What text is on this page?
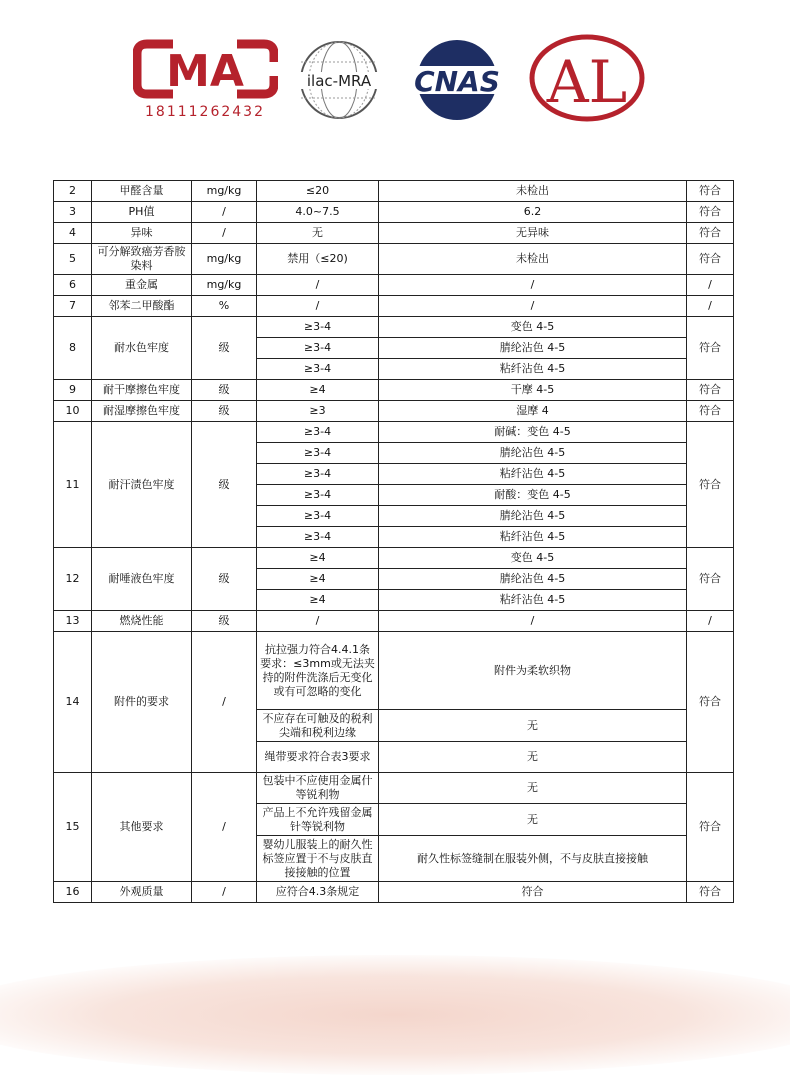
MA
18111262432
ilac-MRA CNAS AL
2	甲醛含量	mg/kg	≤20	未检出	符合
3	PH值	/	4.0~7.5	6.2	符合
4	异味	/	无	无异味	符合
5	可分解致癌芳香胺染料	mg/kg	禁用（≤20)	未检出	符合
6	重金属	mg/kg	/	/	/
7	邻苯二甲酸酯	%	/	/	/
8	耐水色牢度	级	≥3-4	变色 4-5	符合
			≥3-4	腈纶沾色 4-5	
			≥3-4	粘纤沾色 4-5	
9	耐干摩擦色牢度	级	≥4	干摩 4-5	符合
10	耐湿摩擦色牢度	级	≥3	湿摩 4	符合
11	耐汗渍色牢度	级	≥3-4	耐碱：变色 4-5	符合
			≥3-4	腈纶沾色 4-5	
			≥3-4	粘纤沾色 4-5	
			≥3-4	耐酸：变色 4-5	
			≥3-4	腈纶沾色 4-5	
			≥3-4	粘纤沾色 4-5	
12	耐唾液色牢度	级	≥4	变色 4-5	符合
			≥4	腈纶沾色 4-5	
			≥4	粘纤沾色 4-5	
13	燃烧性能	级	/	/	/
14	附件的要求	/	抗拉强力符合4.4.1条要求：≤3mm或无法夹持的附件洗涤后无变化或有可忽略的变化	附件为柔软织物	符合
			不应存在可触及的税利尖端和税利边缘	无	
			绳带要求符合表3要求	无	
15	其他要求	/	包装中不应使用金属什等锐利物	无	符合
			产品上不允许残留金属针等锐利物	无	
			婴幼儿服装上的耐久性标签应置于不与皮肤直接接触的位置	耐久性标签缝制在服装外侧，不与皮肤直接接触	
16	外观质量	/	应符合4.3条规定	符合	符合
